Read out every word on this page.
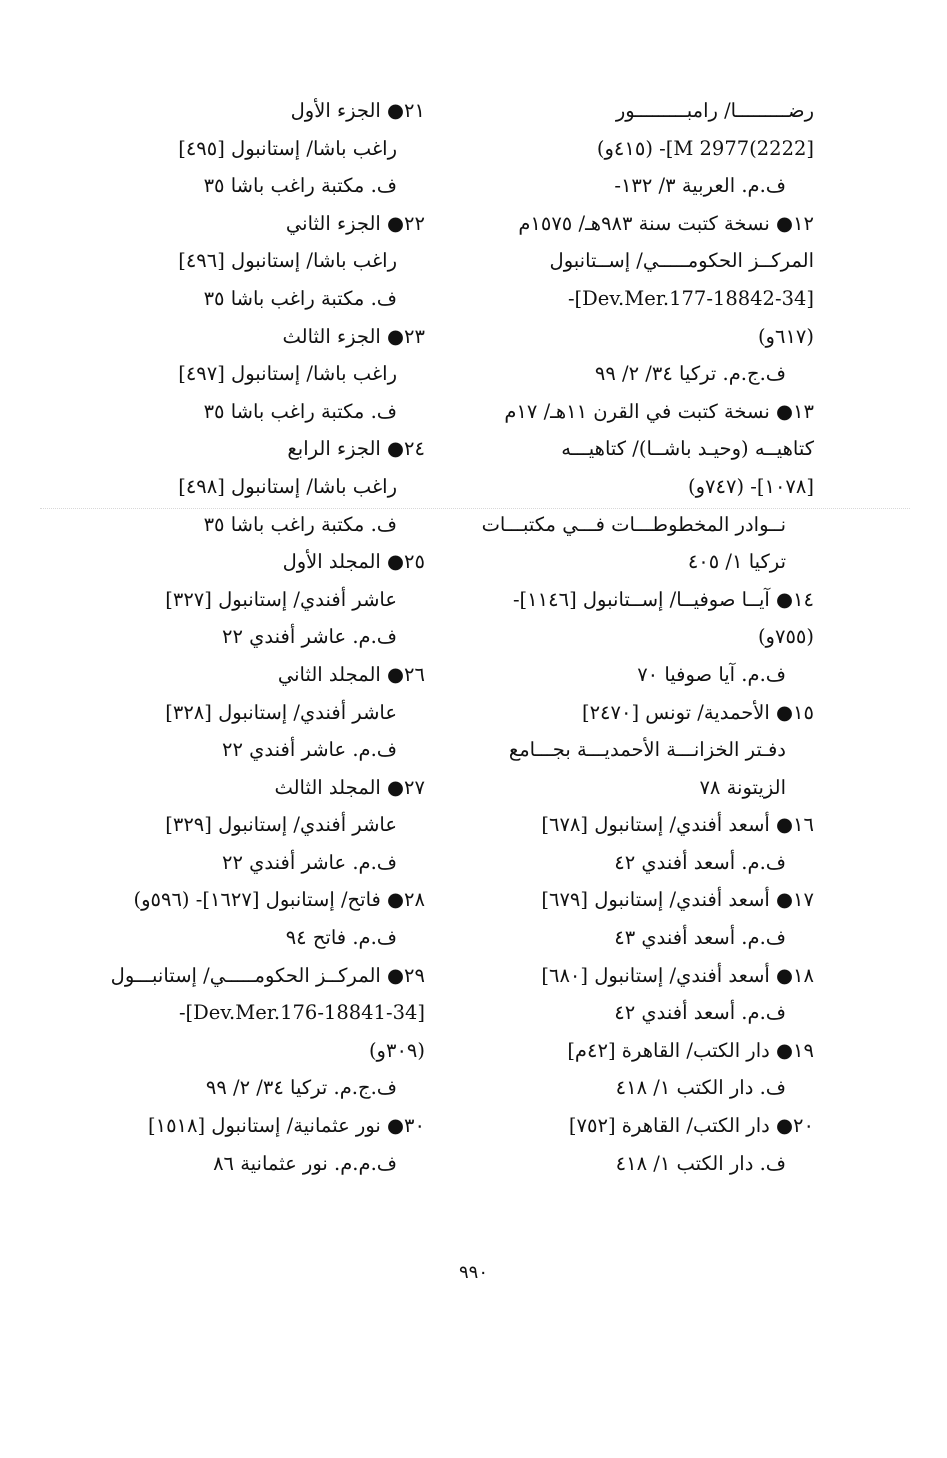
رضـــــــــا/ رامبـــــــــور
[2222)2977 M]- (٤١٥و)
ف.م. العربية ٣/ ١٣٢-
١٢● نسخة كتبت سنة ٩٨٣هـ/ ١٥٧٥م
المركــز الحكومـــــي/ إســتانبول
[34-Dev.Mer.177-18842]-
(٦١٧و)
ف.ج.م. تركيا ٣٤/ ٢/ ٩٩
١٣● نسخة كتبت في القرن ١١هـ/ ١٧م
كتاهيــه (وحيـد باشــا)/ كتاهيـــه
[١٠٧٨]- (٧٤٧و)
نــوادر المخطوطـــات فـــي مكتبـــات
تركيا ١/ ٤٠٥
١٤● آيــا صوفيــا/ إســتانبول [١١٤٦]-
(٧٥٥و)
ف.م. آيا صوفيا ٧٠
١٥● الأحمدية/ تونس [٢٤٧٠]
دفـتر الخزانـــة الأحمديـــة بجـــامع
الزيتونة ٧٨
١٦● أسعد أفندي/ إستانبول [٦٧٨]
ف.م. أسعد أفندي ٤٢
١٧● أسعد أفندي/ إستانبول [٦٧٩]
ف.م. أسعد أفندي ٤٣
١٨● أسعد أفندي/ إستانبول [٦٨٠]
ف.م. أسعد أفندي ٤٢
١٩● دار الكتب/ القاهرة [٤٢م]
ف. دار الكتب ١/ ٤١٨
٢٠● دار الكتب/ القاهرة [٧٥٢]
ف. دار الكتب ١/ ٤١٨
٢١● الجزء الأول
راغب باشا/ إستانبول [٤٩٥]
ف. مكتبة راغب باشا ٣٥
٢٢● الجزء الثاني
راغب باشا/ إستانبول [٤٩٦]
ف. مكتبة راغب باشا ٣٥
٢٣● الجزء الثالث
راغب باشا/ إستانبول [٤٩٧]
ف. مكتبة راغب باشا ٣٥
٢٤● الجزء الرابع
راغب باشا/ إستانبول [٤٩٨]
ف. مكتبة راغب باشا ٣٥
٢٥● المجلد الأول
عاشر أفندي/ إستانبول [٣٢٧]
ف.م. عاشر أفندي ٢٢
٢٦● المجلد الثاني
عاشر أفندي/ إستانبول [٣٢٨]
ف.م. عاشر أفندي ٢٢
٢٧● المجلد الثالث
عاشر أفندي/ إستانبول [٣٢٩]
ف.م. عاشر أفندي ٢٢
٢٨● فاتح/ إستانبول [١٦٢٧]- (٥٩٦و)
ف.م. فاتح ٩٤
٢٩● المركــز الحكومـــــي/ إستانبـــول
[34-Dev.Mer.176-18841]-
(٣٠٩و)
ف.ج.م. تركيا ٣٤/ ٢/ ٩٩
٣٠● نور عثمانية/ إستانبول [١٥١٨]
ف.م.م. نور عثمانية ٨٦
٩٩٠
